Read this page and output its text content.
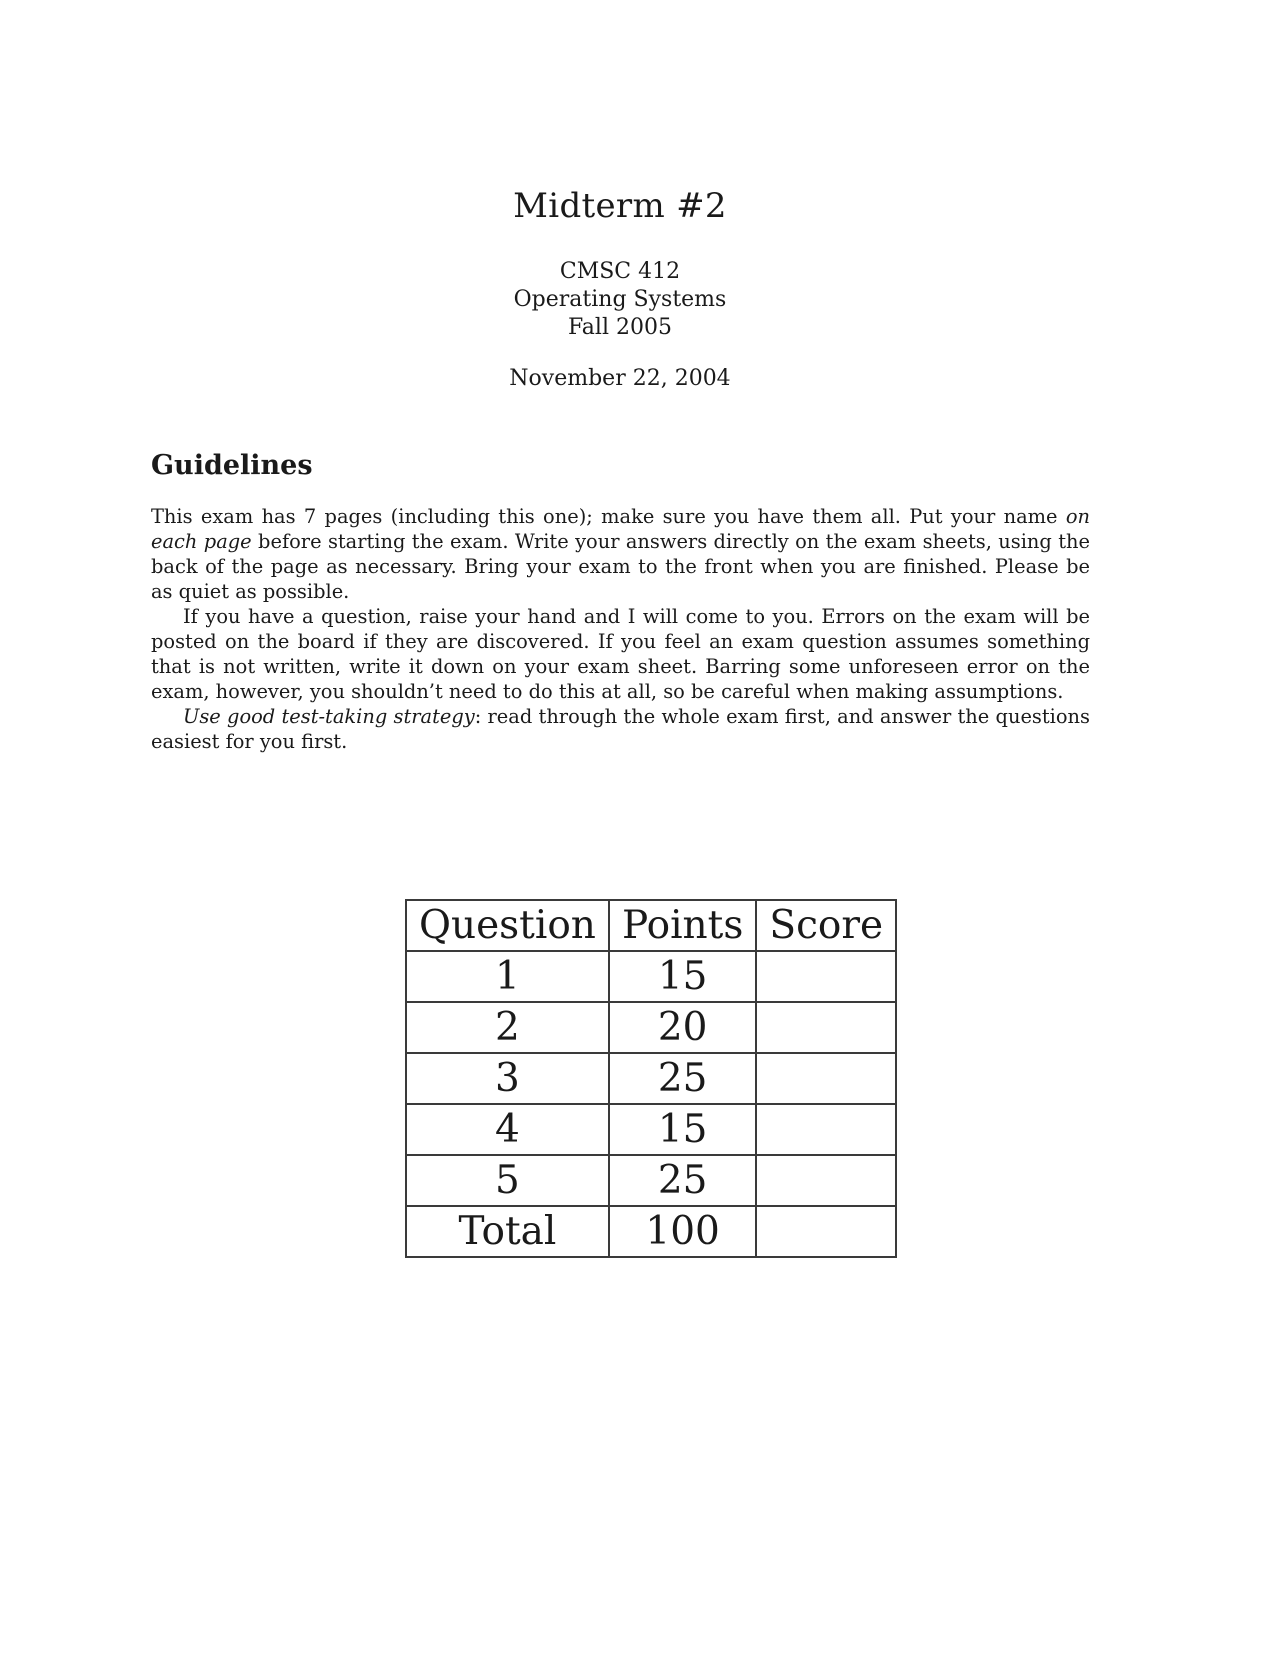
Midterm #2
CMSC 412
Operating Systems
Fall 2005
November 22, 2004
Guidelines

This exam has 7 pages (including this one); make sure you have them all. Put your name on each page before starting the exam. Write your answers directly on the exam sheets, using the back of the page as necessary. Bring your exam to the front when you are finished. Please be as quiet as possible.

If you have a question, raise your hand and I will come to you. Errors on the exam will be posted on the board if they are discovered. If you feel an exam question assumes something that is not written, write it down on your exam sheet. Barring some unforeseen error on the exam, however, you shouldn’t need to do this at all, so be careful when making assumptions.

Use good test-taking strategy: read through the whole exam first, and answer the questions easiest for you first.

Question	Points	Score
1	15	
2	20	
3	25	
4	15	
5	25	
Total	100	
